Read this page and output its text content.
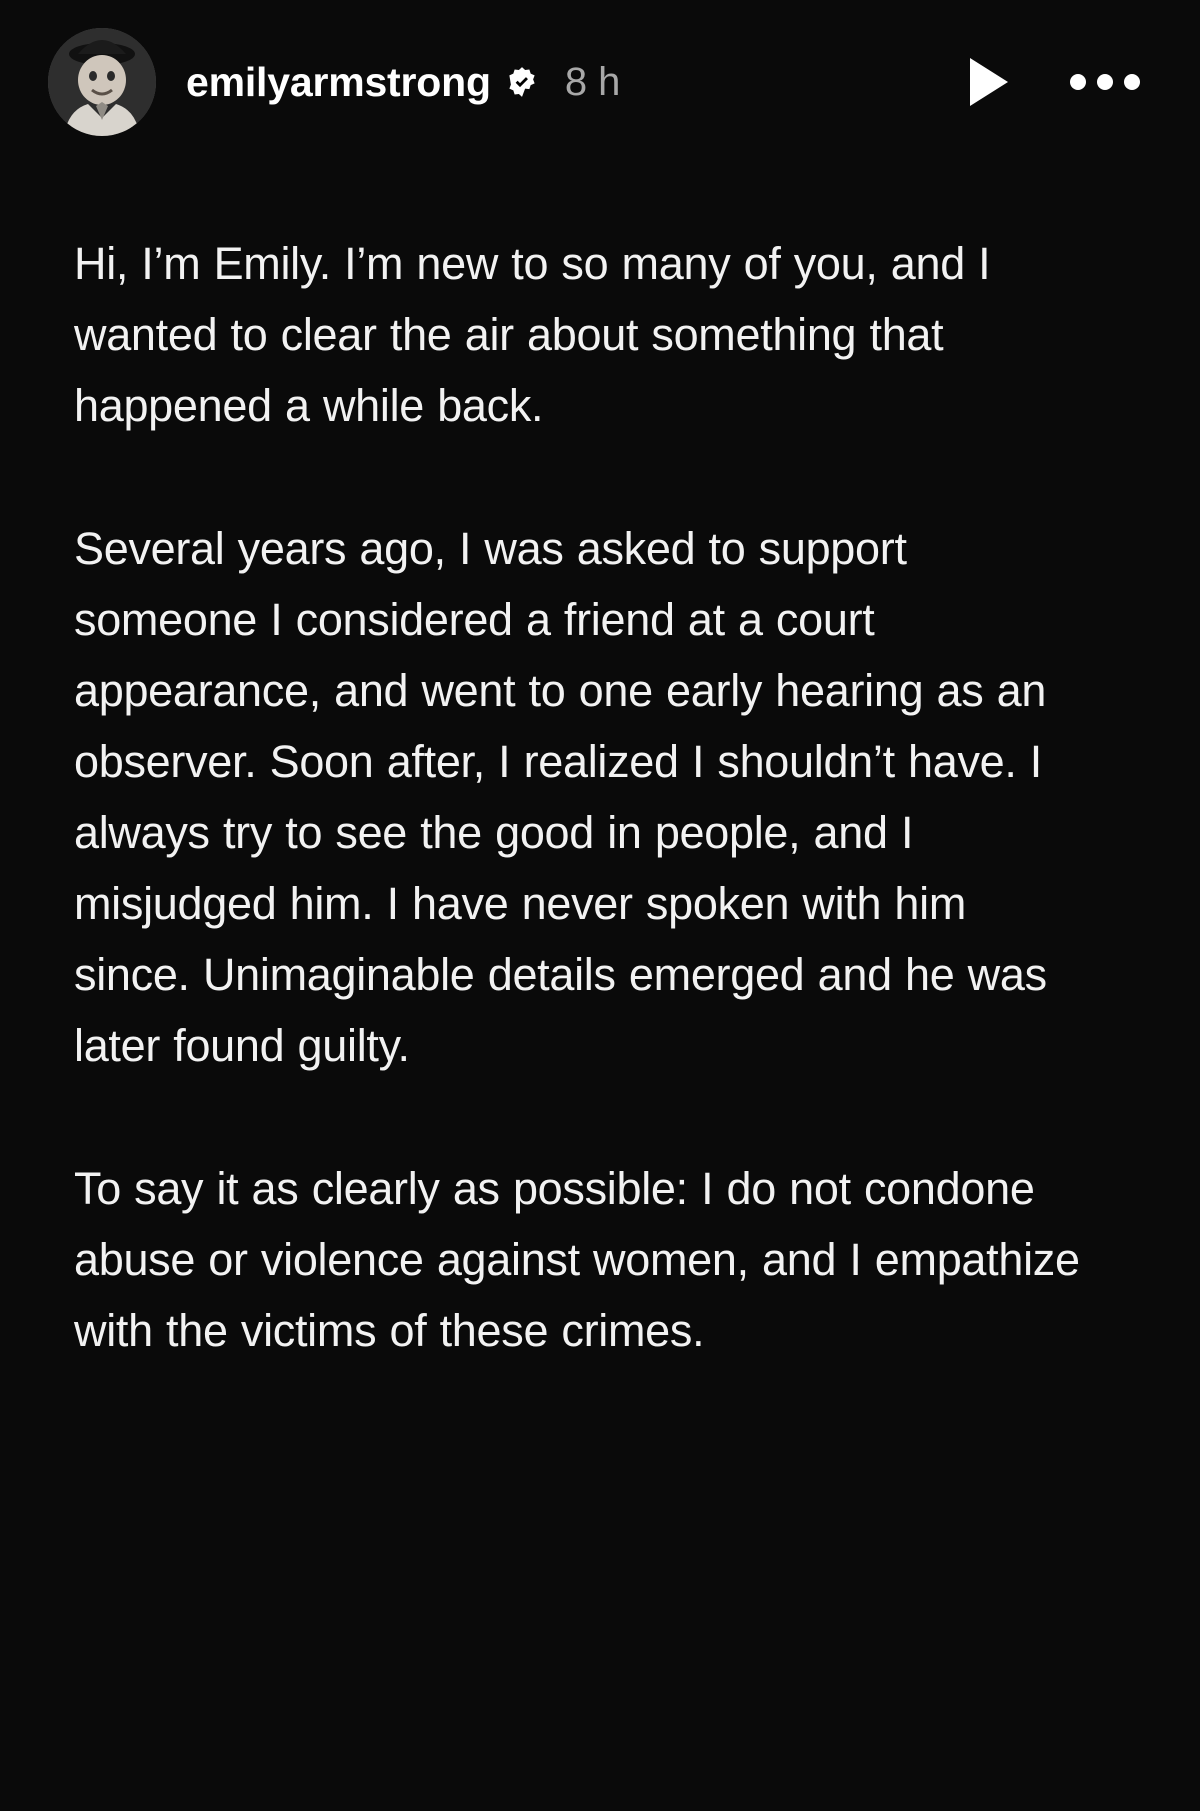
emilyarmstrong 8 h

Hi, I’m Emily. I’m new to so many of you, and I wanted to clear the air about something that happened a while back.

Several years ago, I was asked to support someone I considered a friend at a court appearance, and went to one early hearing as an observer. Soon after, I realized I shouldn’t have. I always try to see the good in people, and I misjudged him. I have never spoken with him since. Unimaginable details emerged and he was later found guilty.

To say it as clearly as possible: I do not condone abuse or violence against women, and I empathize with the victims of these crimes.
